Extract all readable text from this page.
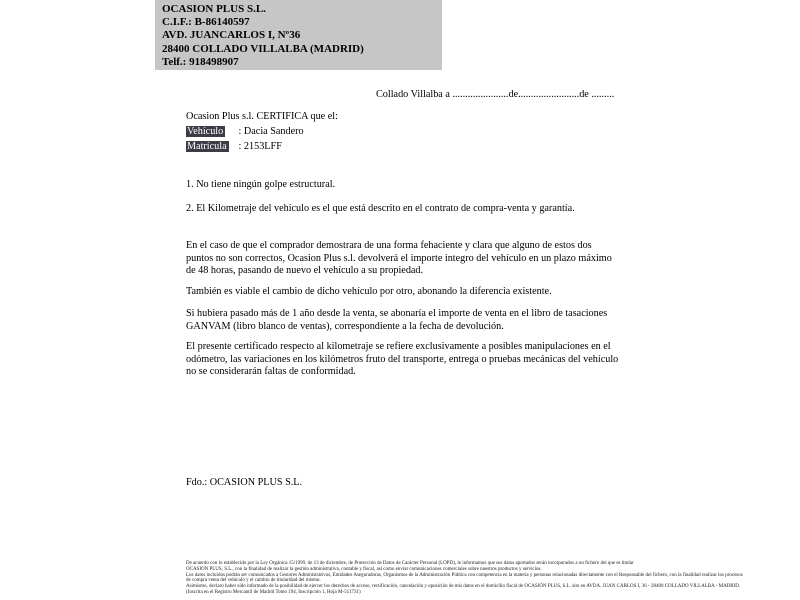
OCASION PLUS S.L.
C.I.F.: B-86140597
AVD. JUANCARLOS I, Nº36
28400 COLLADO VILLALBA (MADRID)
Telf.: 918498907
Collado Villalba a ......................de........................de .........
Ocasion Plus s.l. CERTIFICA que el:
Vehículo : Dacia Sandero
Matrícula : 2153LFF
1. No tiene ningún golpe estructural.
2. El Kilometraje del vehículo es el que está descrito en el contrato de compra-venta y garantía.
En el caso de que el comprador demostrara de una forma fehaciente y clara que alguno de estos dos puntos no son correctos, Ocasion Plus s.l. devolverá el importe integro del vehículo en un plazo máximo de 48 horas, pasando de nuevo el vehículo a su propiedad.
También es viable el cambio de dicho vehículo por otro, abonando la diferencia existente.
Si hubiera pasado más de 1 año desde la venta, se abonaría el importe de venta en el libro de tasaciones GANVAM (libro blanco de ventas), correspondiente a la fecha de devolución.
El presente certificado respecto al kilometraje se refiere exclusivamente a posibles manipulaciones en el odómetro, las variaciones en los kilómetros fruto del transporte, entrega o pruebas mecánicas del vehículo no se considerarán faltas de conformidad.
Fdo.: OCASION PLUS S.L.
De acuerdo con lo establecido por la Ley Orgánica 15/1999, de 13 de diciembre, de Protección de Datos de Carácter Personal (LOPD), le informamos que sus datos aportados serán incorporados a un fichero del que es titular
OCASION PLUS, S.L., con la finalidad de realizar la gestión administrativa, contable y fiscal, así como enviar comunicaciones comerciales sobre nuestros productos y servicios.
Los datos incluidos podrán ser comunicados a Gestores Administrativos, Entidades Aseguradoras, Organismos de la Administración Pública con competencia en la materia y personas relacionadas directamente con el Responsable del fichero, con la finalidad realizar los procesos de compra venta del vehículo y el cambio de titularidad del mismo.
Asimismo, declaro haber sido informado de la posibilidad de ejercer los derechos de acceso, rectificación, cancelación y oposición de mis datos en el domicilio fiscal de OCASIÓN PLUS, S.L. sito en AVDA. JUAN CARLOS I, 36 - 28400 COLLADO VILLALBA - MADRID. (Inscrita en el Registro Mercantil de Madrid Tomo 194, Inscripción 1, Hoja M-511731)
